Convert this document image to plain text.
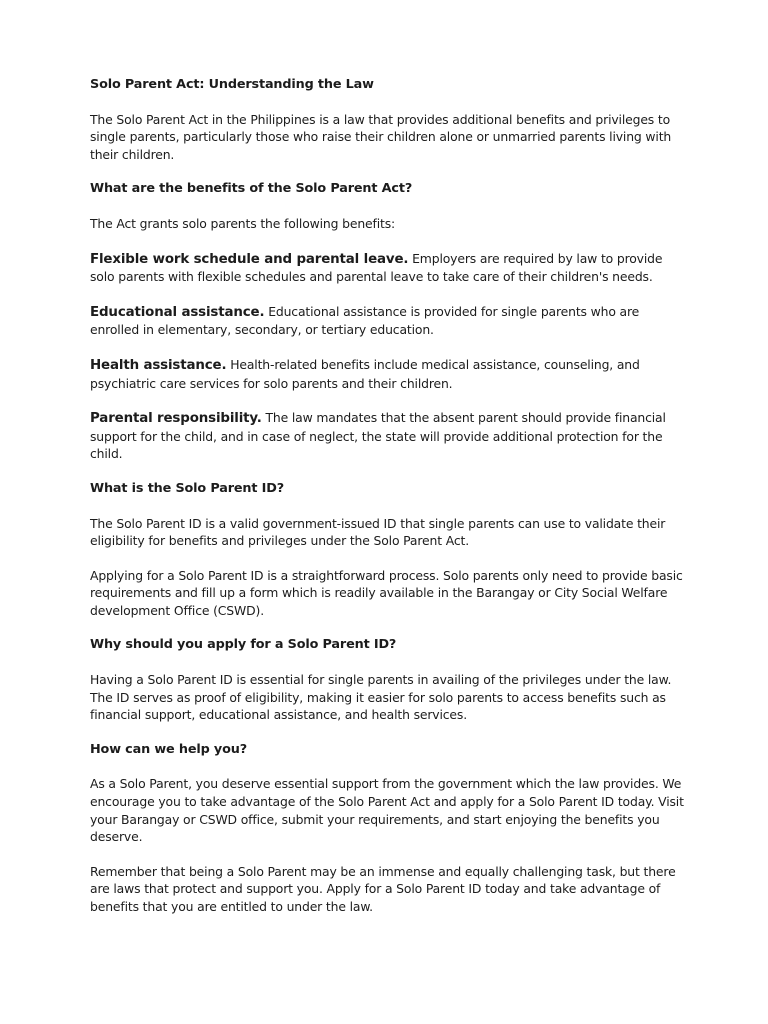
Solo Parent Act: Understanding the Law

The Solo Parent Act in the Philippines is a law that provides additional benefits and privileges to single parents, particularly those who raise their children alone or unmarried parents living with their children.

What are the benefits of the Solo Parent Act?

The Act grants solo parents the following benefits:

Flexible work schedule and parental leave. Employers are required by law to provide solo parents with flexible schedules and parental leave to take care of their children's needs.

Educational assistance. Educational assistance is provided for single parents who are enrolled in elementary, secondary, or tertiary education.

Health assistance. Health-related benefits include medical assistance, counseling, and psychiatric care services for solo parents and their children.

Parental responsibility. The law mandates that the absent parent should provide financial support for the child, and in case of neglect, the state will provide additional protection for the child.

What is the Solo Parent ID?

The Solo Parent ID is a valid government-issued ID that single parents can use to validate their eligibility for benefits and privileges under the Solo Parent Act.

Applying for a Solo Parent ID is a straightforward process. Solo parents only need to provide basic requirements and fill up a form which is readily available in the Barangay or City Social Welfare development Office (CSWD).

Why should you apply for a Solo Parent ID?

Having a Solo Parent ID is essential for single parents in availing of the privileges under the law. The ID serves as proof of eligibility, making it easier for solo parents to access benefits such as financial support, educational assistance, and health services.

How can we help you?

As a Solo Parent, you deserve essential support from the government which the law provides. We encourage you to take advantage of the Solo Parent Act and apply for a Solo Parent ID today. Visit your Barangay or CSWD office, submit your requirements, and start enjoying the benefits you deserve.

Remember that being a Solo Parent may be an immense and equally challenging task, but there are laws that protect and support you. Apply for a Solo Parent ID today and take advantage of benefits that you are entitled to under the law.
